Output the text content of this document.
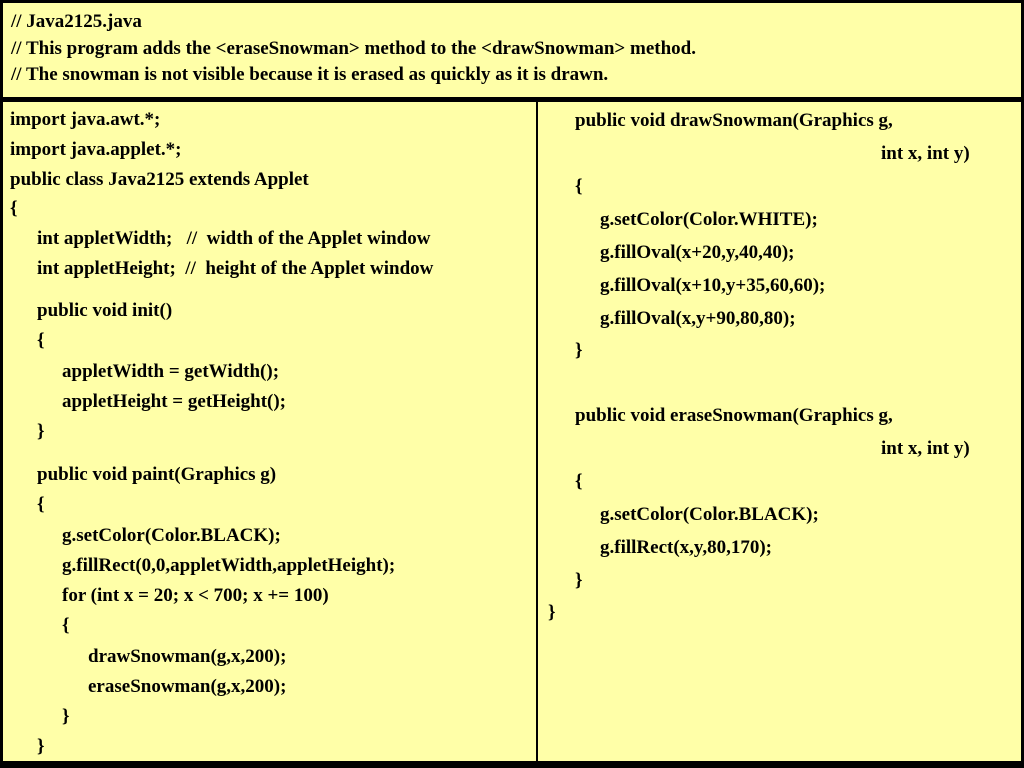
// Java2125.java
// This program adds the <eraseSnowman> method to the <drawSnowman> method.
// The snowman is not visible because it is erased as quickly as it is drawn.
import java.awt.*;
import java.applet.*;
public class Java2125 extends Applet
{
int appletWidth;   //  width of the Applet window
int appletHeight;  //  height of the Applet window
public void init()
{
appletWidth = getWidth();
appletHeight = getHeight();
}
public void paint(Graphics g)
{
g.setColor(Color.BLACK);
g.fillRect(0,0,appletWidth,appletHeight);
for (int x = 20; x < 700; x += 100)
{
drawSnowman(g,x,200);
eraseSnowman(g,x,200);
}
}
public void drawSnowman(Graphics g,
int x, int y)
{
g.setColor(Color.WHITE);
g.fillOval(x+20,y,40,40);
g.fillOval(x+10,y+35,60,60);
g.fillOval(x,y+90,80,80);
}
public void eraseSnowman(Graphics g,
int x, int y)
{
g.setColor(Color.BLACK);
g.fillRect(x,y,80,170);
}
}
